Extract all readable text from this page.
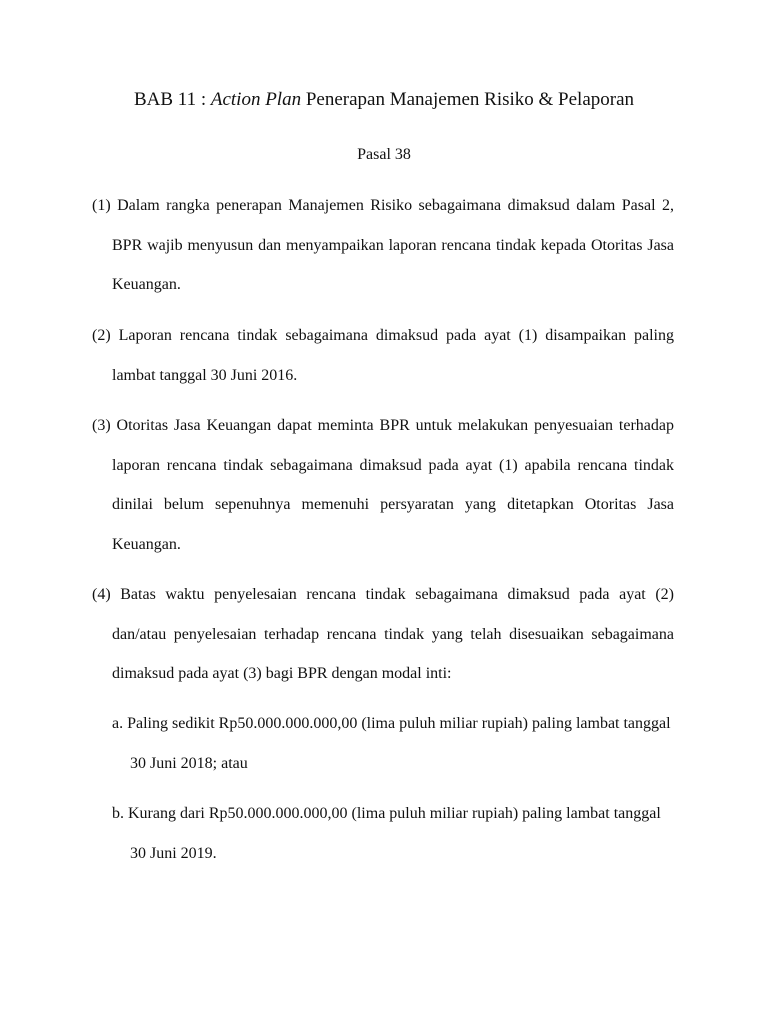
BAB 11 : Action Plan Penerapan Manajemen Risiko & Pelaporan
Pasal 38

(1) Dalam rangka penerapan Manajemen Risiko sebagaimana dimaksud dalam Pasal 2, BPR wajib menyusun dan menyampaikan laporan rencana tindak kepada Otoritas Jasa Keuangan.

(2) Laporan rencana tindak sebagaimana dimaksud pada ayat (1) disampaikan paling lambat tanggal 30 Juni 2016.

(3) Otoritas Jasa Keuangan dapat meminta BPR untuk melakukan penyesuaian terhadap laporan rencana tindak sebagaimana dimaksud pada ayat (1) apabila rencana tindak dinilai belum sepenuhnya memenuhi persyaratan yang ditetapkan Otoritas Jasa Keuangan.

(4) Batas waktu penyelesaian rencana tindak sebagaimana dimaksud pada ayat (2) dan/atau penyelesaian terhadap rencana tindak yang telah disesuaikan sebagaimana dimaksud pada ayat (3) bagi BPR dengan modal inti:

a. Paling sedikit Rp50.000.000.000,00 (lima puluh miliar rupiah) paling lambat tanggal 30 Juni 2018; atau

b. Kurang dari Rp50.000.000.000,00 (lima puluh miliar rupiah) paling lambat tanggal 30 Juni 2019.
